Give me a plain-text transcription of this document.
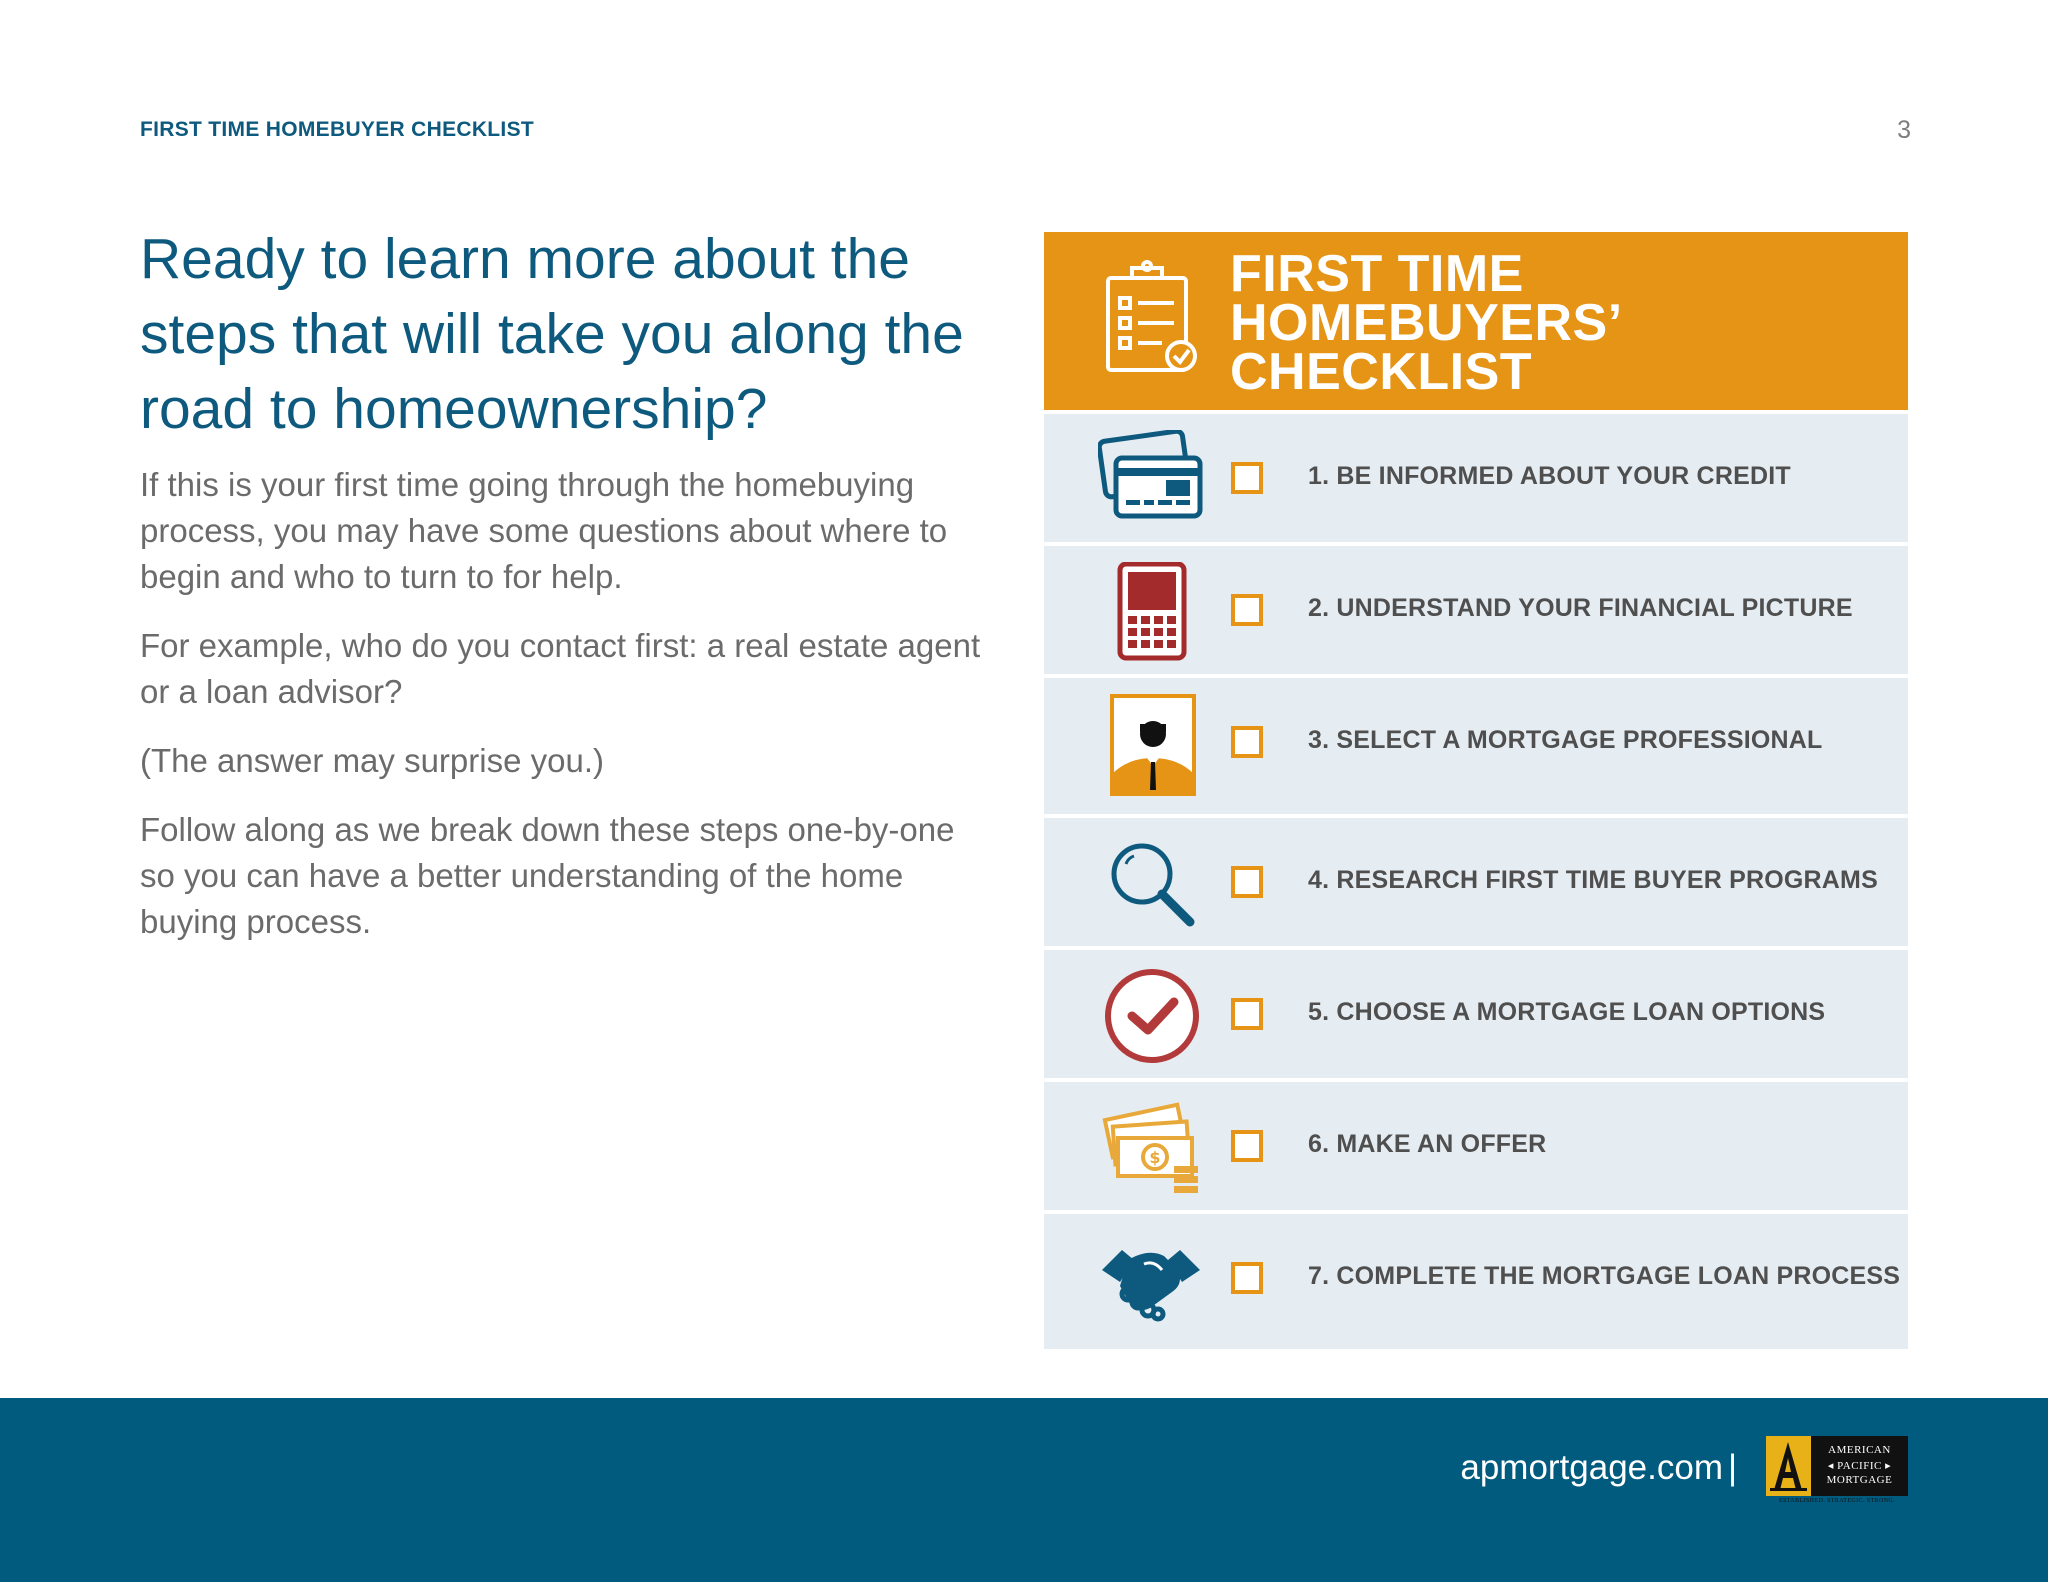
FIRST TIME HOMEBUYER CHECKLIST	3
Ready to learn more about the steps that will take you along the road to homeownership?

If this is your first time going through the homebuying process, you may have some questions about where to begin and who to turn to for help.

For example, who do you contact first: a real estate agent or a loan advisor?

(The answer may surprise you.)

Follow along as we break down these steps one-by-one so you can have a better understanding of the home buying process.

FIRST TIME
HOMEBUYERS’
CHECKLIST
1. BE INFORMED ABOUT YOUR CREDIT
2. UNDERSTAND YOUR FINANCIAL PICTURE
3. SELECT A MORTGAGE PROFESSIONAL
4. RESEARCH FIRST TIME BUYER PROGRAMS
5. CHOOSE A MORTGAGE LOAN OPTIONS
$	6. MAKE AN OFFER
7. COMPLETE THE MORTGAGE LOAN PROCESS
apmortgage.com |	AMERICAN
◂ PACIFIC ▸
MORTGAGE
ESTABLISHED. STRATEGIC. STRONG.
